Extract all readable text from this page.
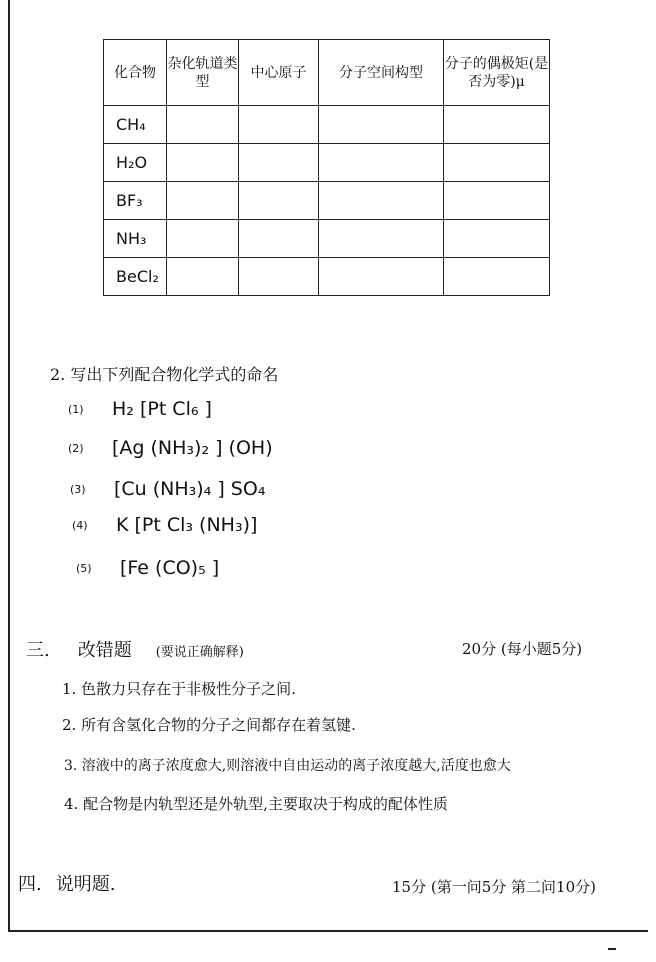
化合物	杂化轨道类型	中心原子	分子空间构型	分子的偶极矩(是否为零)μ
CH₄				
H₂O				
BF₃				
NH₃				
BeCl₂				
2. 写出下列配合物化学式的命名
(1) H₂ [Pt Cl₆ ]
(2) [Ag (NH₃)₂ ] (OH)
(3) [Cu (NH₃)₄ ] SO₄
(4) K [Pt Cl₃ (NH₃)]
(5) [Fe (CO)₅ ]
三. 改错题 (要说正确解释)	20分 (每小题5分)
1. 色散力只存在于非极性分子之间.
2. 所有含氢化合物的分子之间都存在着氢键.
3. 溶液中的离子浓度愈大,则溶液中自由运动的离子浓度越大,活度也愈大
4. 配合物是内轨型还是外轨型,主要取决于构成的配体性质
四. 说明题.	15分 (第一问5分 第二问10分)
